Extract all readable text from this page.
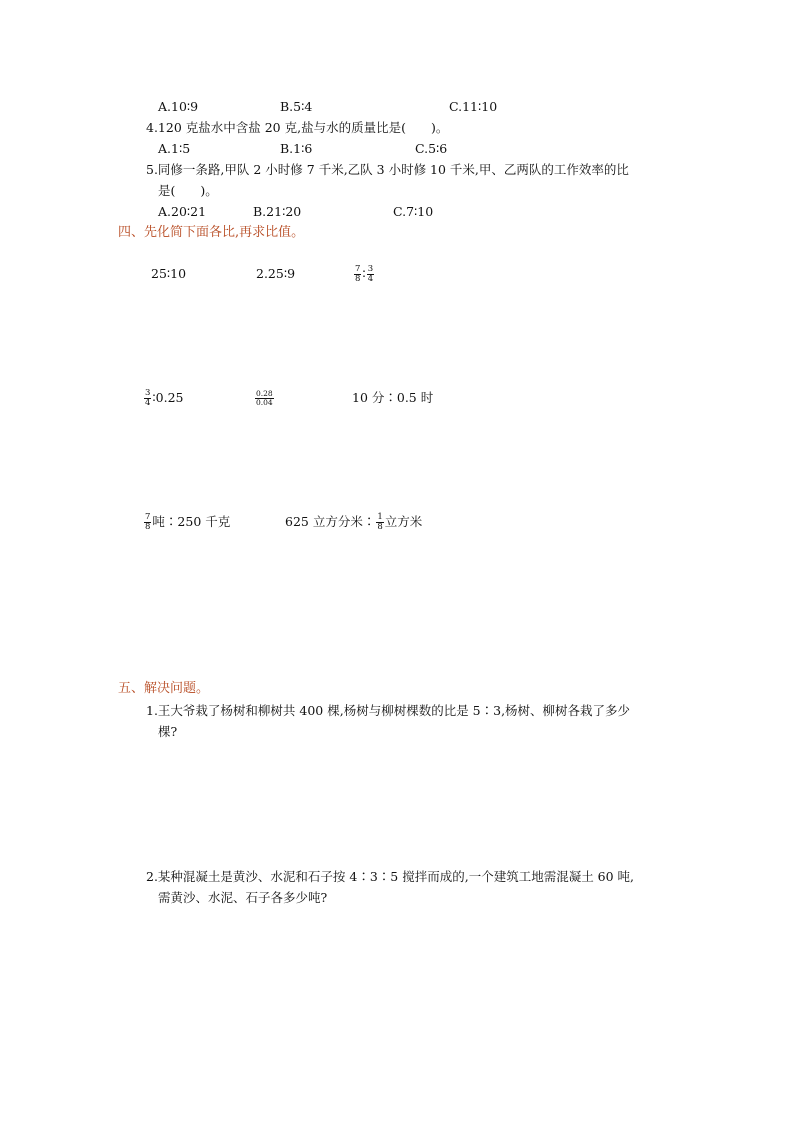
A.10∶9	B.5∶4	C.11∶10
4.120 克盐水中含盐 20 克,盐与水的质量比是(　　)。
A.1∶5	B.1∶6	C.5∶6
5.同修一条路,甲队 2 小时修 7 千米,乙队 3 小时修 10 千米,甲、乙两队的工作效率的比
是(　　)。
A.20∶21	B.21∶20	C.7∶10
四、先化简下面各比,再求比值。
25∶10	2.25∶9	$\frac{7}{8}$ ∶ $\frac{3}{4}$
$\frac{3}{4}$ ∶0.25	$\frac{0.28}{0.04}$	10 分∶0.5 时
$\frac{7}{8}$ 吨∶250 千克	625 立方分米∶ $\frac{1}{8}$ 立方米
五、解决问题。
1.王大爷栽了杨树和柳树共 400 棵,杨树与柳树棵数的比是 5∶3,杨树、柳树各栽了多少
棵?
2.某种混凝土是黄沙、水泥和石子按 4∶3∶5 搅拌而成的,一个建筑工地需混凝土 60 吨,
需黄沙、水泥、石子各多少吨?
